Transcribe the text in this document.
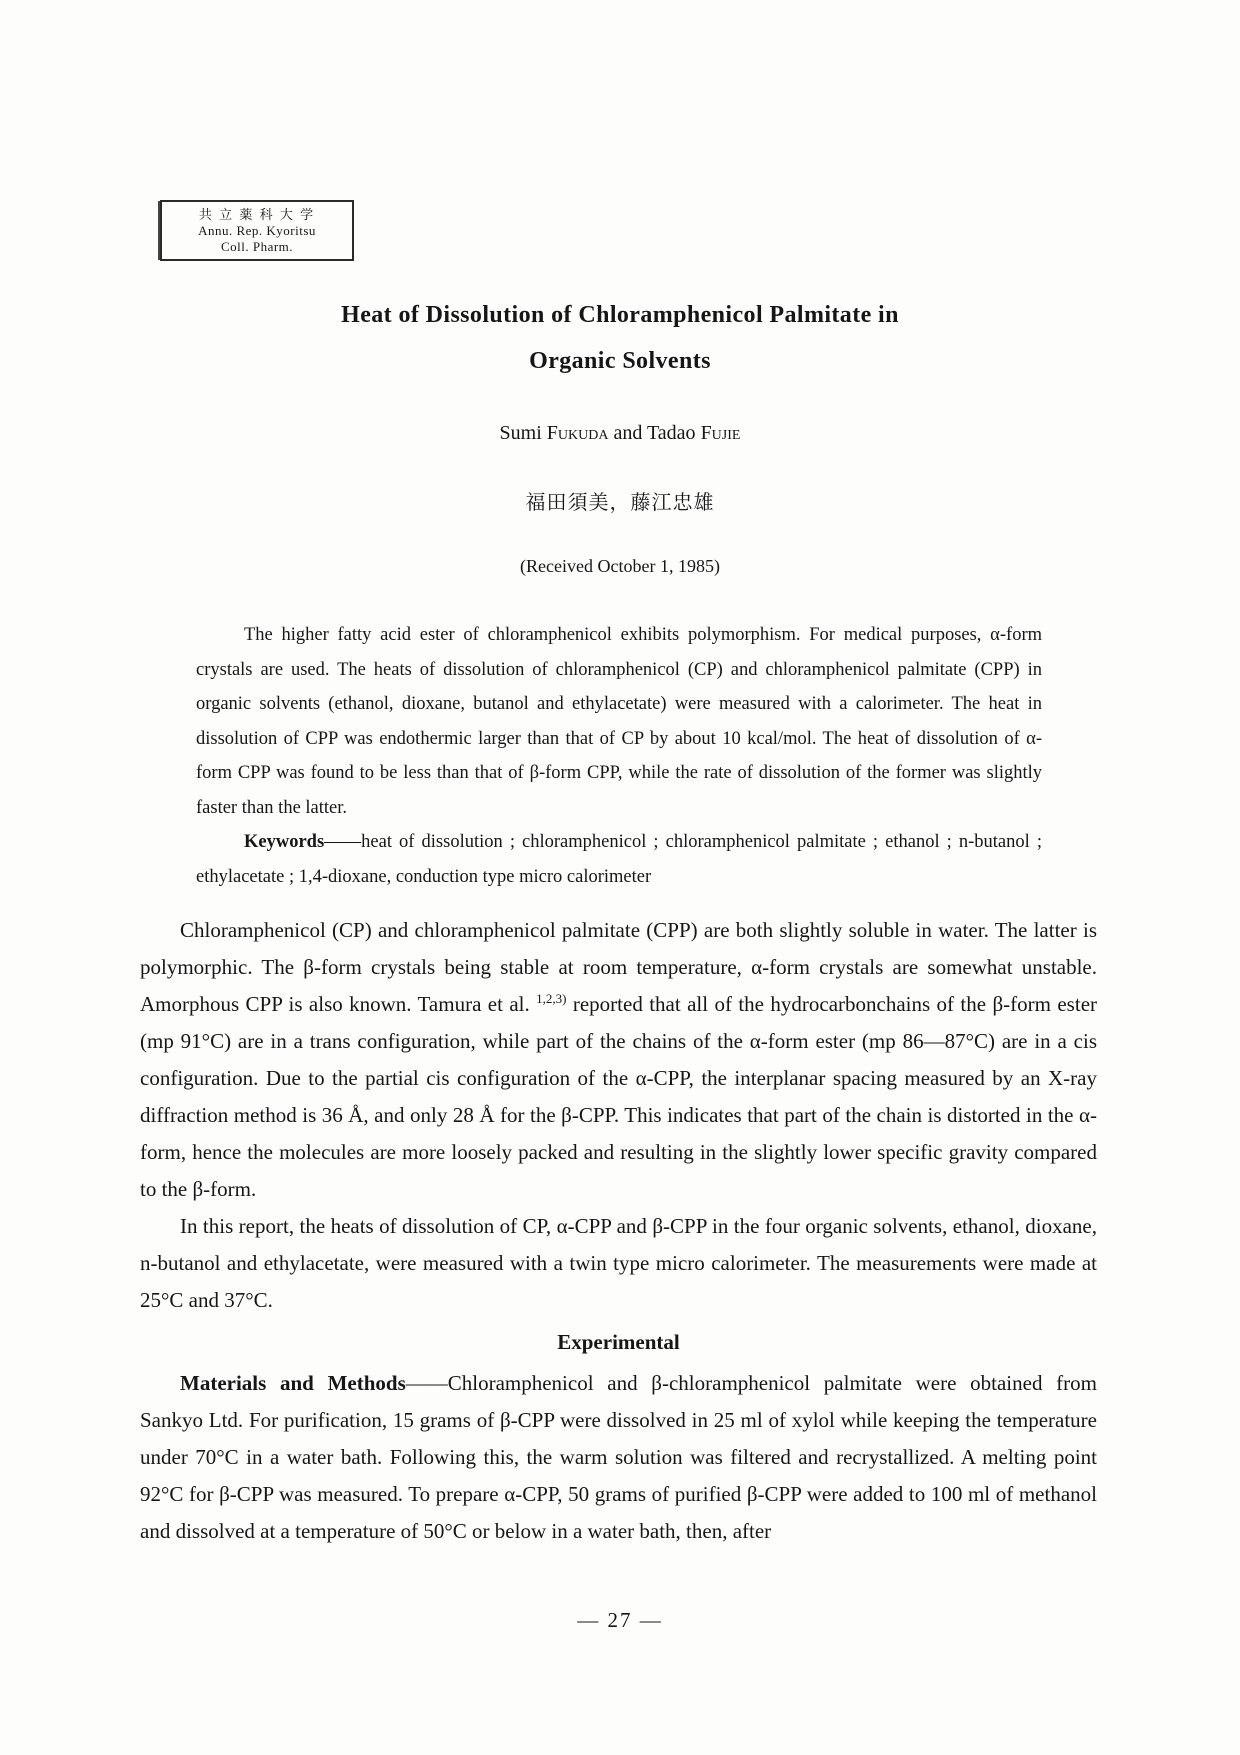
共 立 薬 科 大 学
Annu. Rep. Kyoritsu
Coll. Pharm.
Heat of Dissolution of Chloramphenicol Palmitate in
Organic Solvents
Sumi Fukuda and Tadao Fujie
福田須美，藤江忠雄
(Received October 1, 1985)

The higher fatty acid ester of chloramphenicol exhibits polymorphism. For medical purposes, α-form crystals are used. The heats of dissolution of chloramphenicol (CP) and chloramphenicol palmitate (CPP) in organic solvents (ethanol, dioxane, butanol and ethylacetate) were measured with a calorimeter. The heat in dissolution of CPP was endothermic larger than that of CP by about 10 kcal/mol. The heat of dissolution of α-form CPP was found to be less than that of β-form CPP, while the rate of dissolution of the former was slightly faster than the latter.

Keywords——heat of dissolution ; chloramphenicol ; chloramphenicol palmitate ; ethanol ; n-butanol ; ethylacetate ; 1,4-dioxane, conduction type micro calorimeter

Chloramphenicol (CP) and chloramphenicol palmitate (CPP) are both slightly soluble in water. The latter is polymorphic. The β-form crystals being stable at room temperature, α-form crystals are somewhat unstable. Amorphous CPP is also known. Tamura et al. $^{1,2,3)}$ reported that all of the hydrocarbonchains of the β-form ester (mp 91°C) are in a trans configuration, while part of the chains of the α-form ester (mp 86—87°C) are in a cis configuration. Due to the partial cis configuration of the α-CPP, the interplanar spacing measured by an X-ray diffraction method is 36 Å, and only 28 Å for the β-CPP. This indicates that part of the chain is distorted in the α-form, hence the molecules are more loosely packed and resulting in the slightly lower specific gravity compared to the β-form.

In this report, the heats of dissolution of CP, α-CPP and β-CPP in the four organic solvents, ethanol, dioxane, n-butanol and ethylacetate, were measured with a twin type micro calorimeter. The measurements were made at 25°C and 37°C.

Experimental

Materials and Methods——Chloramphenicol and β-chloramphenicol palmitate were obtained from Sankyo Ltd. For purification, 15 grams of β-CPP were dissolved in 25 ml of xylol while keeping the temperature under 70°C in a water bath. Following this, the warm solution was filtered and recrystallized. A melting point 92°C for β-CPP was measured. To prepare α-CPP, 50 grams of purified β-CPP were added to 100 ml of methanol and dissolved at a temperature of 50°C or below in a water bath, then, after

— 27 —
